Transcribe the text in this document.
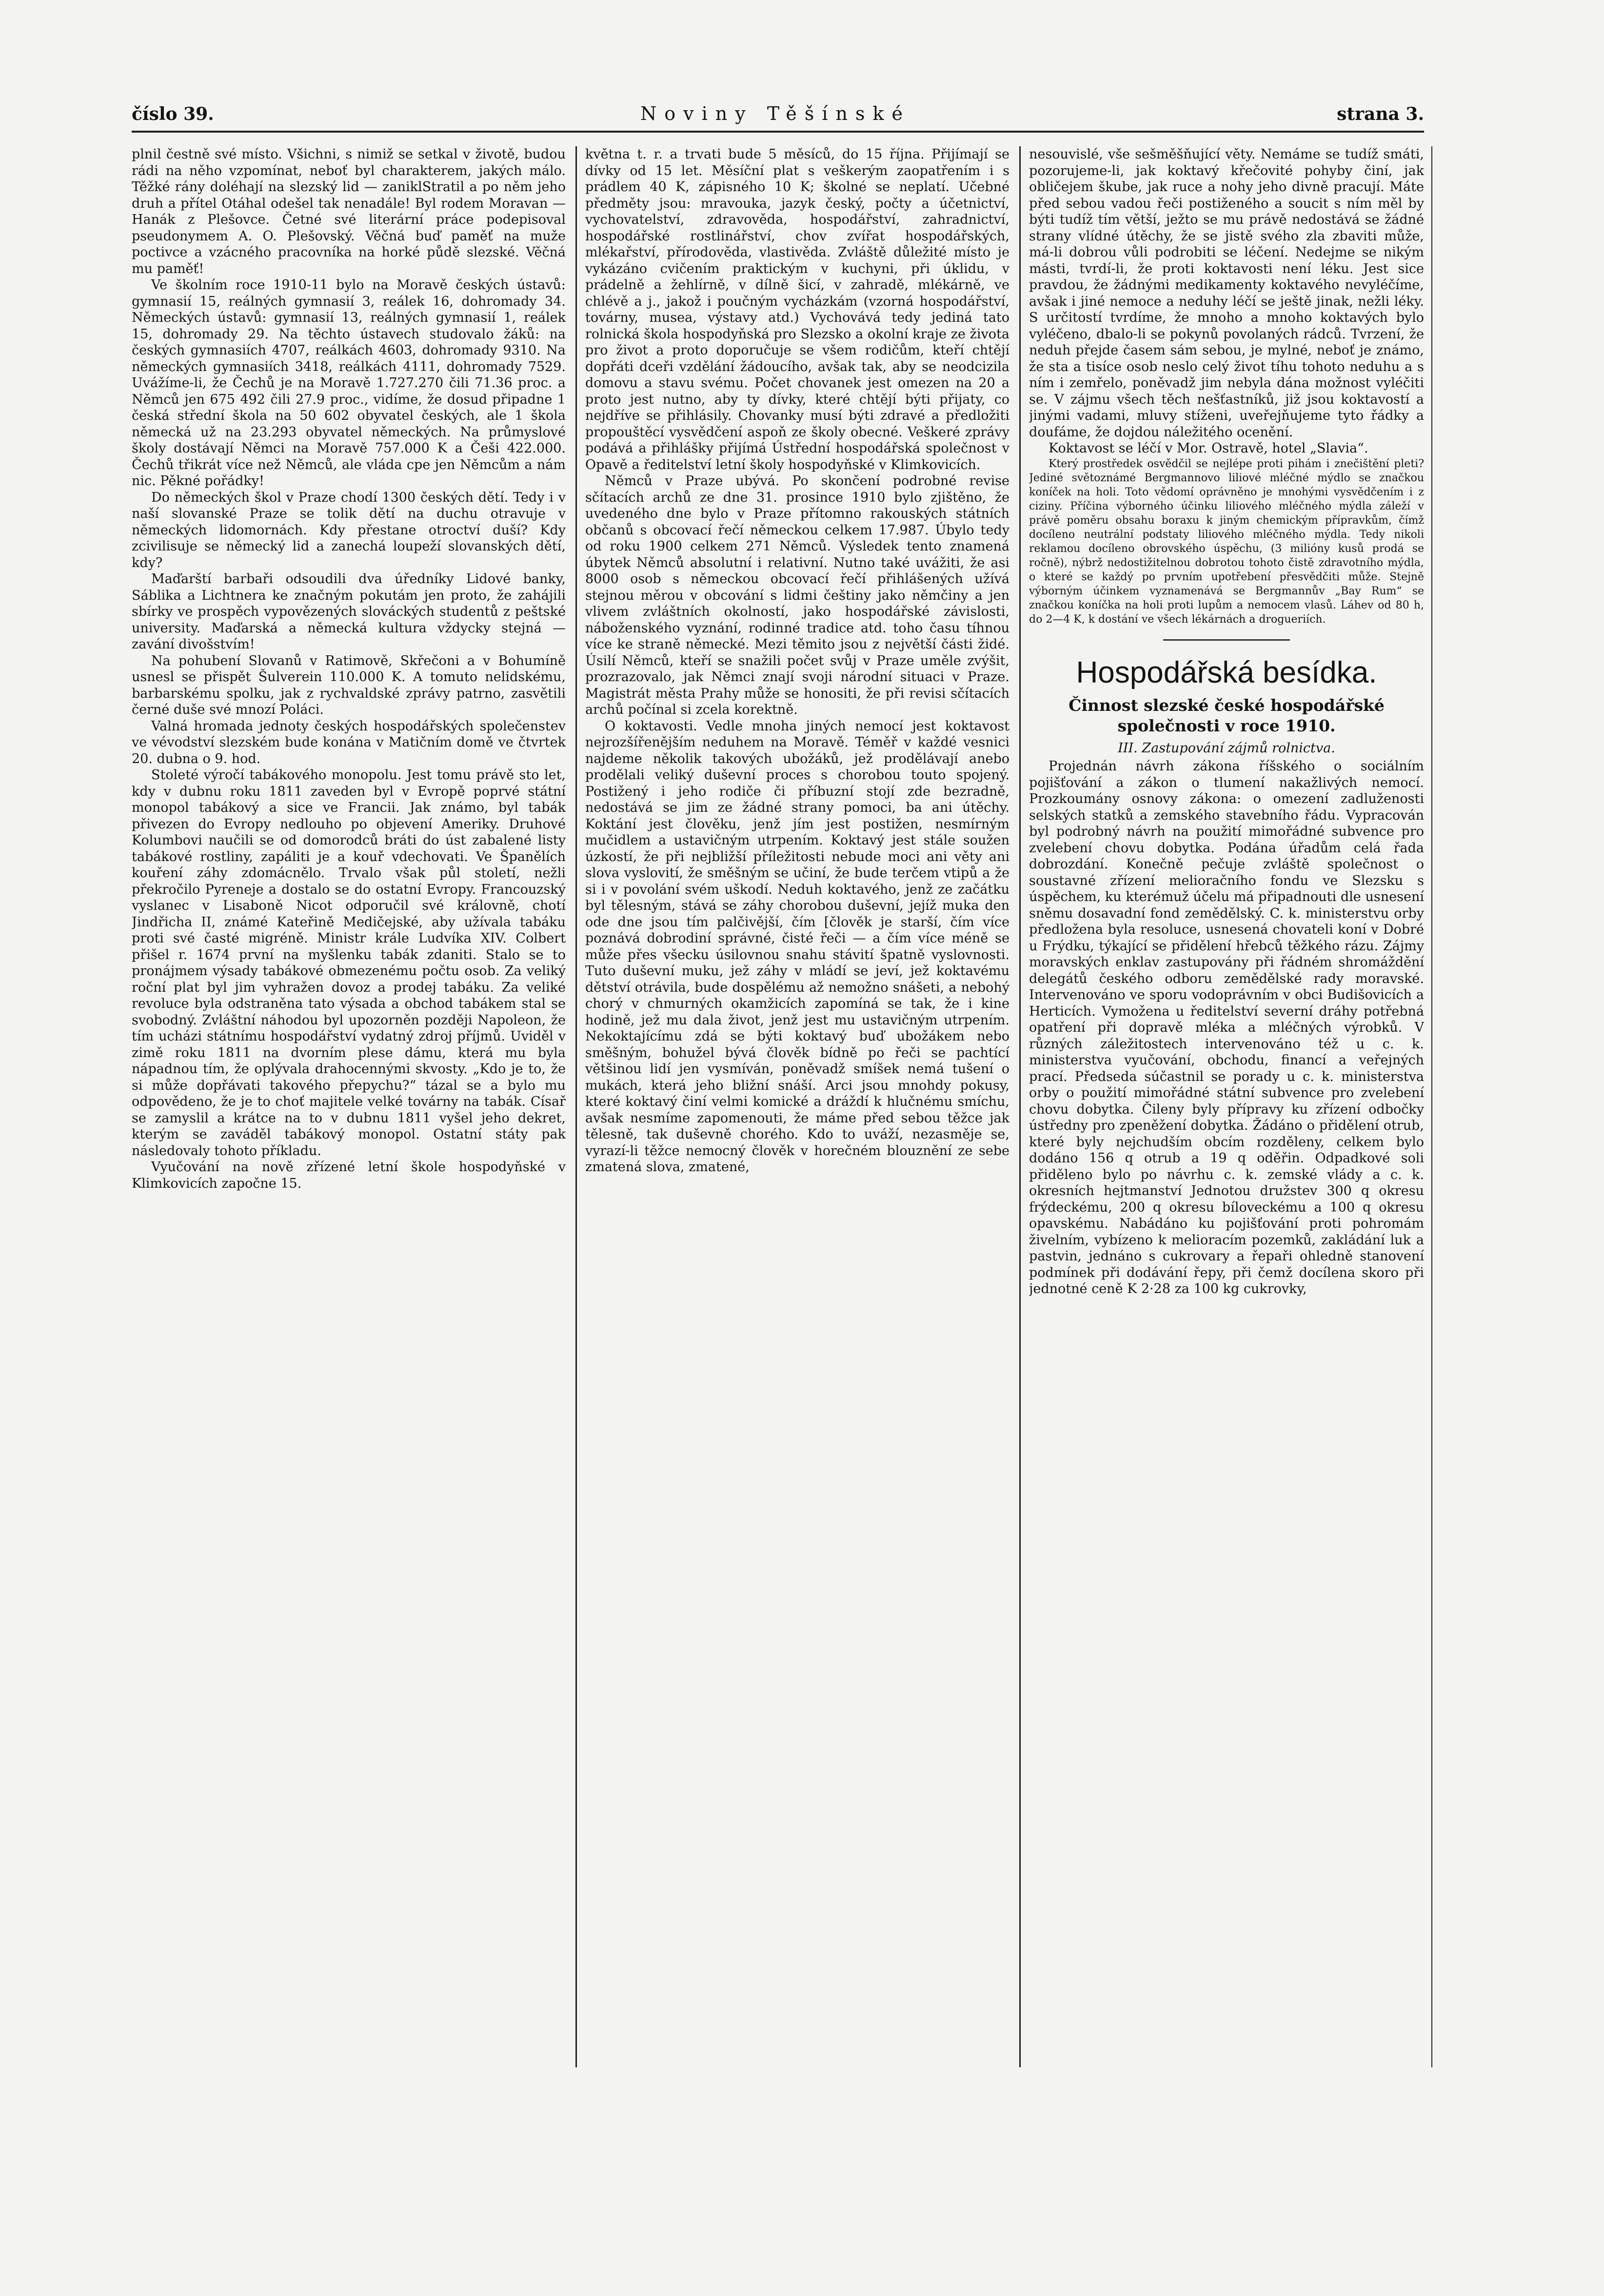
číslo 39.	Noviny Těšínské	strana 3.

plnil čestně své místo. Všichni, s nimiž se setkal v životě, budou rádi na něho vzpomínat, neboť byl charakterem, jakých málo. Těžké rány doléhají na slezský lid — zaniklStratil a po něm jeho druh a přítel Otáhal odešel tak nenadále! Byl rodem Moravan — Hanák z Plešovce. Četné své literární práce podepisoval pseudonymem A. O. Plešovský. Věčná buď paměť na muže poctivce a vzácného pracovníka na horké půdě slezské. Věčná mu paměť!

Ve školním roce 1910-11 bylo na Moravě českých ústavů: gymnasií 15, reálných gymnasií 3, reálek 16, dohromady 34. Německých ústavů: gymnasií 13, reálných gymnasií 1, reálek 15, dohromady 29. Na těchto ústavech studovalo žáků: na českých gymnasiích 4707, reálkách 4603, dohromady 9310. Na německých gymnasiích 3418, reálkách 4111, dohromady 7529. Uvážíme-li, že Čechů je na Moravě 1.727.270 čili 71.36 proc. a Němců jen 675 492 čili 27.9 proc., vidíme, že dosud připadne 1 česká střední škola na 50 602 obyvatel českých, ale 1 škola německá už na 23.293 obyvatel německých. Na průmyslové školy dostávají Němci na Moravě 757.000 K a Češi 422.000. Čechů třikrát více než Němců, ale vláda cpe jen Němcům a nám nic. Pěkné pořádky!

Do německých škol v Praze chodí 1300 českých dětí. Tedy i v naší slovanské Praze se tolik dětí na duchu otravuje v německých lidomornách. Kdy přestane otroctví duší? Kdy zcivilisuje se německý lid a zanechá loupeží slovanských dětí, kdy?

Maďarští barbaři odsoudili dva úředníky Lidové banky, Sáblika a Lichtnera ke značným pokutám jen proto, že zahájili sbírky ve prospěch vypovězených slováckých studentů z peštské university. Maďarská a německá kultura vždycky stejná — zavání divošstvím!

Na pohubení Slovanů v Ratimově, Skřečoni a v Bohumíně usnesl se přispět Šulverein 110.000 K. A tomuto nelidskému, barbarskému spolku, jak z rychvaldské zprávy patrno, zasvětili černé duše své mnozí Poláci.

Valná hromada jednoty českých hospodářských společenstev ve vévodství slezském bude konána v Matičním domě ve čtvrtek 20. dubna o 9. hod.

Stoleté výročí tabákového monopolu. Jest tomu právě sto let, kdy v dubnu roku 1811 zaveden byl v Evropě poprvé státní monopol tabákový a sice ve Francii. Jak známo, byl tabák přivezen do Evropy nedlouho po objevení Ameriky. Druhové Kolumbovi naučili se od domorodců bráti do úst zabalené listy tabákové rostliny, zapáliti je a kouř vdechovati. Ve Španělích kouření záhy zdomácnělo. Trvalo však půl století, nežli překročilo Pyreneje a dostalo se do ostatní Evropy. Francouzský vyslanec v Lisaboně Nicot odporučil své královně, chotí Jindřicha II, známé Kateřině Medičejské, aby užívala tabáku proti své časté migréně. Ministr krále Ludvíka XIV. Colbert přišel r. 1674 první na myšlenku tabák zdaniti. Stalo se to pronájmem výsady tabákové obmezenému počtu osob. Za veliký roční plat byl jim vyhražen dovoz a prodej tabáku. Za veliké revoluce byla odstraněna tato výsada a obchod tabákem stal se svobodný. Zvláštní náhodou byl upozorněn později Napoleon, že tím ucházi státnímu hospodářství vydatný zdroj příjmů. Uviděl v zimě roku 1811 na dvorním plese dámu, která mu byla nápadnou tím, že oplývala drahocennými skvosty. „Kdo je to, že si může dopřávati takového přepychu?“ tázal se a bylo mu odpovědeno, že je to choť majitele velké továrny na tabák. Císař se zamyslil a krátce na to v dubnu 1811 vyšel jeho dekret, kterým se zaváděl tabákový monopol. Ostatní státy pak následovaly tohoto příkladu.

Vyučování na nově zřízené letní škole hospodyňské v Klimkovicích započne 15.

května t. r. a trvati bude 5 měsíců, do 15 října. Přijímají se dívky od 15 let. Měsíční plat s veškerým zaopatřením i s prádlem 40 K, zápisného 10 K; školné se neplatí. Učebné předměty jsou: mravouka, jazyk český, počty a účetnictví, vychovatelství, zdravověda, hospodářství, zahradnictví, hospodářské rostlinářství, chov zvířat hospodářských, mlékařství, přírodověda, vlastivěda. Zvláště důležité místo je vykázáno cvičením praktickým v kuchyni, při úklidu, v prádelně a žehlírně, v dílně šicí, v zahradě, mlékárně, ve chlévě a j., jakož i poučným vycházkám (vzorná hospodářství, továrny, musea, výstavy atd.) Vychovává tedy jediná tato rolnická škola hospodyňská pro Slezsko a okolní kraje ze života pro život a proto doporučuje se všem rodičům, kteří chtějí dopřáti dceři vzdělání žádoucího, avšak tak, aby se neodcizila domovu a stavu svému. Počet chovanek jest omezen na 20 a proto jest nutno, aby ty dívky, které chtějí býti přijaty, co nejdříve se přihlásily. Chovanky musí býti zdravé a předložiti propouštěcí vysvědčení aspoň ze školy obecné. Veškeré zprávy podává a přihlášky přijímá Ústřední hospodářská společnost v Opavě a ředitelství letní školy hospodyňské v Klimkovicích.

Němců v Praze ubývá. Po skončení podrobné revise sčítacích archů ze dne 31. prosince 1910 bylo zjištěno, že uvedeného dne bylo v Praze přítomno rakouských státních občanů s obcovací řečí německou celkem 17.987. Úbylo tedy od roku 1900 celkem 271 Němců. Výsledek tento znamená úbytek Němců absolutní i relativní. Nutno také uvážiti, že asi 8000 osob s německou obcovací řečí přihlášených užívá stejnou měrou v obcování s lidmi češtiny jako němčiny a jen vlivem zvláštních okolností, jako hospodářské závislosti, náboženského vyznání, rodinné tradice atd. toho času tíhnou více ke straně německé. Mezi těmito jsou z největší části židé. Úsilí Němců, kteří se snažili počet svůj v Praze uměle zvýšit, prozrazovalo, jak Němci znají svoji národní situaci v Praze. Magistrát města Prahy může se honositi, že při revisi sčítacích archů počínal si zcela korektně.

O koktavosti. Vedle mnoha jiných nemocí jest koktavost nejrozšířenějším neduhem na Moravě. Téměř v každé vesnici najdeme několik takových ubožáků, jež prodělávají anebo prodělali veliký duševní proces s chorobou touto spojený. Postižený i jeho rodiče či příbuzní stojí zde bezradně, nedostává se jim ze žádné strany pomoci, ba ani útěchy. Koktání jest člověku, jenž jím jest postižen, nesmírným mučidlem a ustavičným utrpením. Koktavý jest stále soužen úzkostí, že při nejbližší příležitosti nebude moci ani věty ani slova vyslovití, že směšným se učiní, že bude terčem vtipů a že si i v povolání svém uškodí. Neduh koktavého, jenž ze začátku byl tělesným, stává se záhy chorobou duševní, jejíž muka den ode dne jsou tím palčivější, čím [člověk je starší, čím více poznává dobrodiní správné, čisté řeči — a čím více méně se může přes všecku úsilovnou snahu stávití špatně vyslovnosti. Tuto duševní muku, jež záhy v mládí se jeví, jež koktavému dětství otrávila, bude dospělému až nemožno snášeti, a nebohý chorý v chmurných okamžicích zapomíná se tak, že i kine hodině, jež mu dala život, jenž jest mu ustavičným utrpením. Nekoktajícímu zdá se býti koktavý buď ubožákem nebo směšným, bohužel bývá člověk bídně po řeči se pachtící většinou lidí jen vysmíván, poněvadž smíšek nemá tušení o mukách, která jeho bližní snáší. Arci jsou mnohdy pokusy, které koktavý činí velmi komické a dráždí k hlučnému smíchu, avšak nesmíme zapomenouti, že máme před sebou těžce jak tělesně, tak duševně chorého. Kdo to uváží, nezasměje se, vyrazí-li těžce nemocný člověk v horečném blouznění ze sebe zmatená slova, zmatené,

nesouvislé, vše sešměšňující věty. Nemáme se tudíž smáti, pozorujeme-li, jak koktavý křečovité pohyby činí, jak obličejem škube, jak ruce a nohy jeho divně pracují. Máte před sebou vadou řeči postiženého a soucit s ním měl by býti tudíž tím větší, ježto se mu právě nedostává se žádné strany vlídné útěchy, že se jistě svého zla zbaviti může, má-li dobrou vůli podrobiti se léčení. Nedejme se nikým másti, tvrdí-li, že proti koktavosti není léku. Jest sice pravdou, že žádnými medikamenty koktavého nevyléčíme, avšak i jiné nemoce a neduhy léčí se ještě jinak, nežli léky. S určitostí tvrdíme, že mnoho a mnoho koktavých bylo vyléčeno, dbalo-li se pokynů povolaných rádců. Tvrzení, že neduh přejde časem sám sebou, je mylné, neboť je známo, že sta a tisíce osob neslo celý život tíhu tohoto neduhu a s ním i zemřelo, poněvadž jim nebyla dána možnost vyléčiti se. V zájmu všech těch nešťastníků, již jsou koktavostí a jinými vadami, mluvy stíženi, uveřejňujeme tyto řádky a doufáme, že dojdou náležitého ocenění.

Koktavost se léčí v Mor. Ostravě, hotel „Slavia“.

Který prostředek osvědčil se nejlépe proti pihám i znečištění pleti? Jediné světoznámé Bergmannovo liliové mléčné mýdlo se značkou koníček na holi. Toto vědomí oprávněno je mnohými vysvědčením i z ciziny. Příčina výborného účinku liliového mléčného mýdla záleží v právě poměru obsahu boraxu k jiným chemickým přípravkům, čímž docíleno neutrální podstaty liliového mléčného mýdla. Tedy nikoli reklamou docíleno obrovského úspěchu, (3 milióny kusů prodá se ročně), nýbrž nedostižitelnou dobrotou tohoto čistě zdravotního mýdla, o které se každý po prvním upotřebení přesvědčiti může. Stejně výborným účinkem vyznamenává se Bergmannův „Bay Rum“ se značkou koníčka na holi proti lupům a nemocem vlasů. Láhev od 80 h, do 2—4 K, k dostání ve všech lékárnách a drogueriích.

Hospodářská besídka.
Činnost slezské české hospodářské společnosti v roce 1910.
III. Zastupování zájmů rolnictva.

Projednán návrh zákona říšského o sociálním pojišťování a zákon o tlumení nakažlivých nemocí. Prozkoumány osnovy zákona: o omezení zadluženosti selských statků a zemského stavebního řádu. Vypracován byl podrobný návrh na použití mimořádné subvence pro zvelebení chovu dobytka. Podána úřadům celá řada dobrozdání. Konečně pečuje zvláště společnost o soustavné zřízení melioračního fondu ve Slezsku s úspěchem, ku kterémuž účelu má připadnouti dle usnesení sněmu dosavadní fond zemědělský. C. k. ministerstvu orby předložena byla resoluce, usnesená chovateli koní v Dobré u Frýdku, týkající se přidělení hřebců těžkého rázu. Zájmy moravských enklav zastupovány při řádném shromáždění delegátů českého odboru zemědělské rady moravské. Intervenováno ve sporu vodoprávním v obci Budišovicích a Herticích. Vymožena u ředitelství severní dráhy potřebná opatření při dopravě mléka a mléčných výrobků. V různých záležitostech intervenováno též u c. k. ministerstva vyučování, obchodu, financí a veřejných prací. Předseda súčastnil se porady u c. k. ministerstva orby o použití mimořádné státní subvence pro zvelebení chovu dobytka. Čileny byly přípravy ku zřízení odbočky ústředny pro zpeněžení dobytka. Žádáno o přidělení otrub, které byly nejchudším obcím rozděleny, celkem bylo dodáno 156 q otrub a 19 q oděřin. Odpadkové soli přiděleno bylo po návrhu c. k. zemské vlády a c. k. okresních hejtmanství Jednotou družstev 300 q okresu frýdeckému, 200 q okresu bíloveckému a 100 q okresu opavskému. Nabádáno ku pojišťování proti pohromám živelním, vybízeno k melioracím pozemků, zakládání luk a pastvin, jednáno s cukrovary a řepaři ohledně stanovení podmínek při dodávání řepy, při čemž docílena skoro při jednotné ceně K 2·28 za 100 kg cukrovky,
